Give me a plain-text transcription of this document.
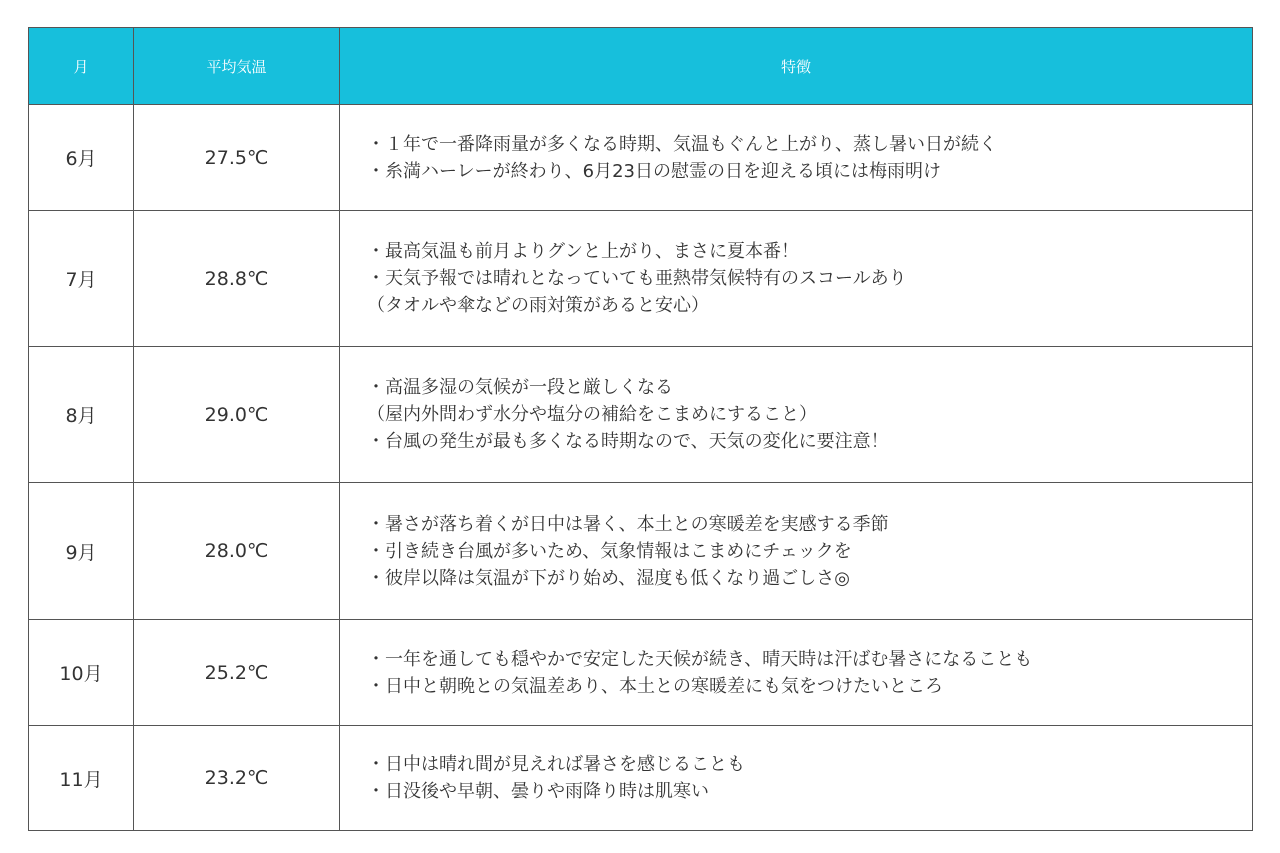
月	平均気温	特徴
6月	27.5℃	・１年で一番降雨量が多くなる時期、気温もぐんと上がり、蒸し暑い日が続く
・糸満ハーレーが終わり、6月23日の慰霊の日を迎える頃には梅雨明け

7月	28.8℃	・最高気温も前月よりグンと上がり、まさに夏本番！
・天気予報では晴れとなっていても亜熱帯気候特有のスコールあり
（タオルや傘などの雨対策があると安心）

8月	29.0℃	・高温多湿の気候が一段と厳しくなる
（屋内外問わず水分や塩分の補給をこまめにすること）
・台風の発生が最も多くなる時期なので、天気の変化に要注意！

9月	28.0℃	・暑さが落ち着くが日中は暑く、本土との寒暖差を実感する季節
・引き続き台風が多いため、気象情報はこまめにチェックを
・彼岸以降は気温が下がり始め、湿度も低くなり過ごしさ◎

10月	25.2℃	・一年を通しても穏やかで安定した天候が続き、晴天時は汗ばむ暑さになることも
・日中と朝晩との気温差あり、本土との寒暖差にも気をつけたいところ

11月	23.2℃	・日中は晴れ間が見えれば暑さを感じることも
・日没後や早朝、曇りや雨降り時は肌寒い
